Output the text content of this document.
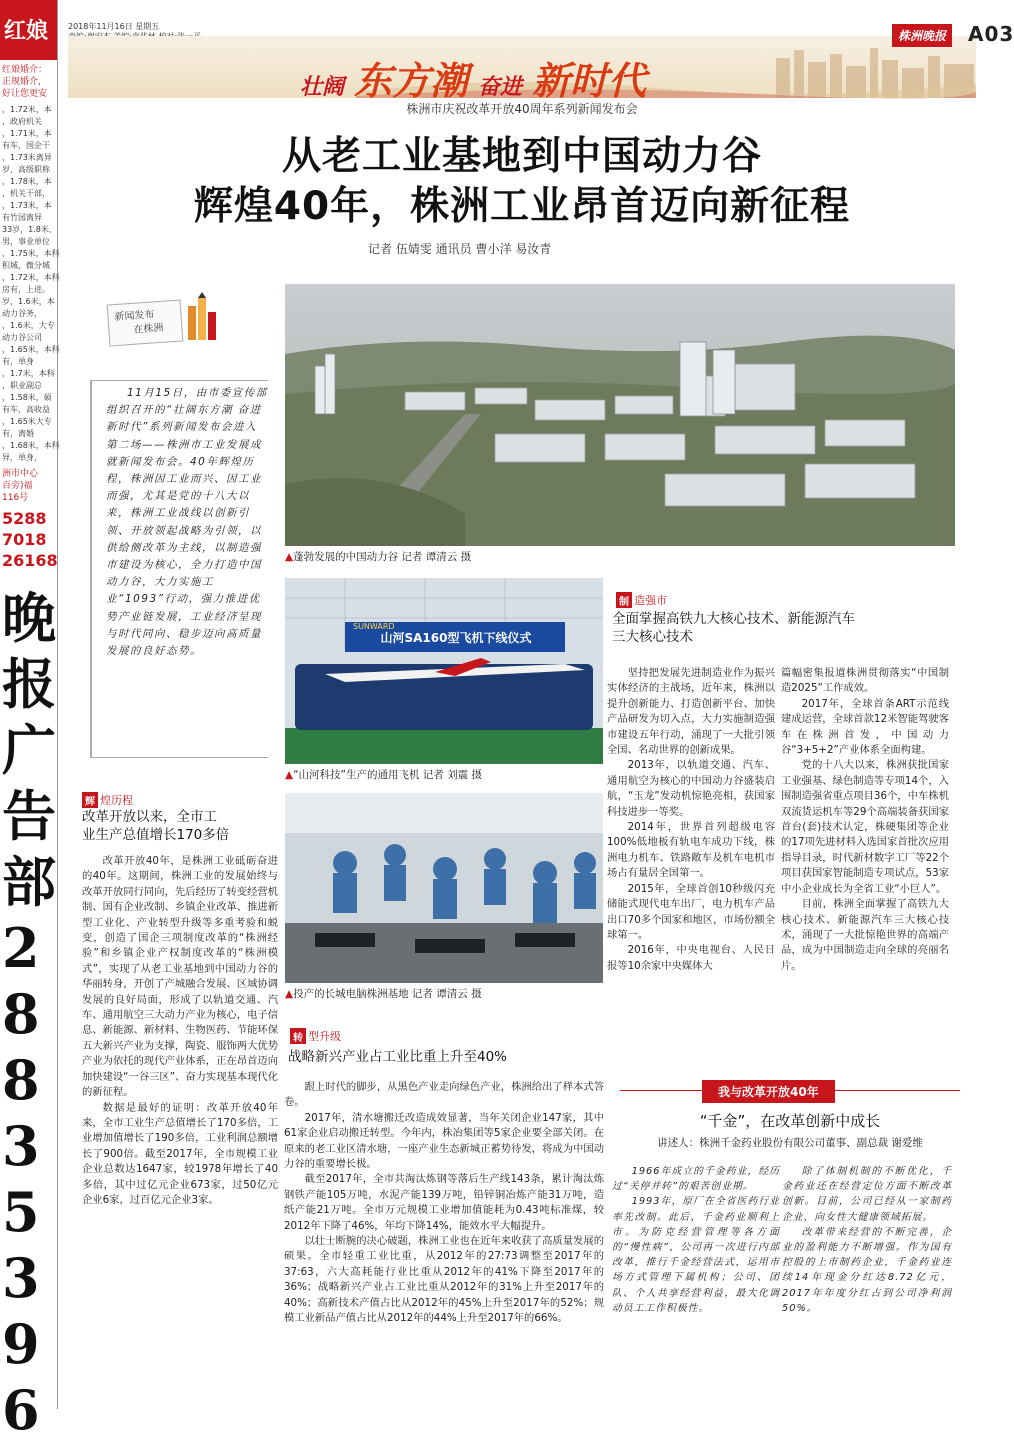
红娘
红娘婚介：
正规婚介，
好让您更安
，1.72米，本
，政府机关
，1.71米，本
有车，国企干
，1.73米离异
岁，高级职称
，1.78米，本
，机关干部，
，1.73米，本
有竹园离异
33岁，1.8米，
男，事业单位
，1.75米，本科
积城，微分城
，1.72米，本科
房有，上进。
岁，1.6米，本
动力谷务，
，1.6米，大专
动力谷公司
，1.65米，本科
有，单身
，1.7米，本科
，职业副总
，1.58米，硕
有车，高收益
，1.65米大专
有，离婚
，1.68米，本科
异，单身，
洲市中心
百旁)福
116号
5288
7018
26168
晚
报
广
告
部
2
8
8
3
5
3
9
6
2018年11月16日 星期五
壮阔 东方潮 奋进 新时代
株洲晚报	A03
株洲市庆祝改革开放40周年系列新闻发布会
从老工业基地到中国动力谷
辉煌40年，株洲工业昂首迈向新征程
记者 伍婧雯 通讯员 曹小洋 易汝青
新闻发布
在株洲

11月15日，由市委宣传部组织召开的“壮阔东方潮 奋进新时代”系列新闻发布会进入第二场——株洲市工业发展成就新闻发布会。40年辉煌历程，株洲因工业而兴、因工业而强，尤其是党的十八大以来，株洲工业战线以创新引领、开放领起战略为引领，以供给侧改革为主线，以制造强市建设为核心，全力打造中国动力谷，大力实施工业“1093”行动，强力推进优势产业链发展，工业经济呈现与时代同向、稳步迈向高质量发展的良好态势。

▲蓬勃发展的中国动力谷 记者 谭清云 摄
SUNWARD
山河SA160型飞机下线仪式
▲“山河科技”生产的通用飞机 记者 刘震 摄
▲投产的长城电脑株洲基地 记者 谭清云 摄
辉 煌历程
改革开放以来，全市工
业生产总值增长170多倍

改革开放40年，是株洲工业砥砺奋进的40年。这期间，株洲工业的发展始终与改革开放同行同向，先后经历了转变经营机制、国有企业改制、乡镇企业改革、推进新型工业化、产业转型升级等多重考验和蜕变，创造了国企三项制度改革的“株洲经验”和乡镇企业产权制度改革的“株洲模式”，实现了从老工业基地到中国动力谷的华丽转身，开创了产城融合发展、区域协调发展的良好局面，形成了以轨道交通、汽车、通用航空三大动力产业为核心，电子信息、新能源、新材料、生物医药、节能环保五大新兴产业为支撑，陶瓷、服饰两大优势产业为依托的现代产业体系，正在昂首迈向加快建设“一谷三区”、奋力实现基本现代化的新征程。

数据是最好的证明：改革开放40年来，全市工业生产总值增长了170多倍，工业增加值增长了190多倍，工业利润总额增长了900倍。截至2017年，全市规模工业企业总数达1647家，较1978年增长了40多倍，其中过亿元企业673家，过50亿元企业6家，过百亿元企业3家。

制 造强市
全面掌握高铁九大核心技术、新能源汽车
三大核心技术

坚持把发展先进制造业作为振兴实体经济的主战场，近年来，株洲以提升创新能力、打造创新平台、加快产品研发为切入点，大力实施制造强市建设五年行动，涌现了一大批引领全国、名动世界的创新成果。

2013年，以轨道交通、汽车、通用航空为核心的中国动力谷盛装启航，“玉龙”发动机惊艳亮相，获国家科技进步一等奖。

2014年，世界首列超级电容100%低地板有轨电车成功下线，株洲电力机车、铁路敞车及机车电机市场占有量居全国第一。

2015年，全球首创10秒级闪充储能式现代电车出厂，电力机车产品出口70多个国家和地区，市场份额全球第一。

2016年，中央电视台、人民日报等10余家中央媒体大

篇幅密集报道株洲贯彻落实“中国制造2025”工作成效。

2017年，全球首条ART示范线建成运营，全球首款12米智能驾驶客车在株洲首发，中国动力谷“3+5+2”产业体系全面构建。

党的十八大以来，株洲获批国家工业强基、绿色制造等专项14个，入围制造强省重点项目36个，中车株机双流货运机车等29个高端装备获国家首台(套)技术认定，株硬集团等企业的17项先进材料入选国家首批次应用指导目录，时代新材数字工厂等22个项目获国家智能制造专项试点，53家中小企业成长为全省工业“小巨人”。

目前，株洲全面掌握了高铁九大核心技术、新能源汽车三大核心技术，涌现了一大批惊艳世界的高端产品，成为中国制造走向全球的亮丽名片。

转 型升级
战略新兴产业占工业比重上升至40%

跟上时代的脚步，从黑色产业走向绿色产业，株洲给出了样本式答卷。

2017年，清水塘搬迁改造成效显著，当年关闭企业147家，其中61家企业启动搬迁转型。今年内，株冶集团等5家企业要全部关闭。在原来的老工业区清水塘，一座产业生态新城正蓄势待发，将成为中国动力谷的重要增长极。

截至2017年，全市共淘汰炼钢等落后生产线143条，累计淘汰炼钢铁产能105万吨，水泥产能139万吨，铅锌铜冶炼产能31万吨，造纸产能21万吨。全市万元规模工业增加值能耗为0.43吨标准煤，较2012年下降了46%，年均下降14%，能效水平大幅提升。

以壮士断腕的决心破题，株洲工业也在近年来收获了高质量发展的硕果。全市轻重工业比重，从2012年的27:73调整至2017年的37:63，六大高耗能行业比重从2012年的41%下降至2017年的36%；战略新兴产业占工业比重从2012年的31%上升至2017年的40%；高新技术产值占比从2012年的45%上升至2017年的52%；规模工业新品产值占比从2012年的44%上升至2017年的66%。

我与改革开放40年
“千金”，在改革创新中成长
讲述人：株洲千金药业股份有限公司董事、副总裁 谢爱维

1966年成立的千金药业，经历过“关停并转”的艰苦创业期。

1993年，原厂在全省医药行业率先改制。此后，千金药业顺利上市。为防克经营管理等各方面的“慢性病”，公司再一次进行内部改革，推行千金经营法式，运用市场方式管理下属机构；公司、团队、个人共享经营利益，最大化调动员工工作积极性。

除了体制机制的不断优化，千金药业还在经营定位方面不断改革创新。目前，公司已经从一家制药企业，向女性大健康领域拓展。

改革带来经营的不断完善，企业的盈利能力不断增强。作为国有控股的上市制药企业，千金药业连续14年现金分红达8.72亿元，2017年年度分红占到公司净利润50%。
